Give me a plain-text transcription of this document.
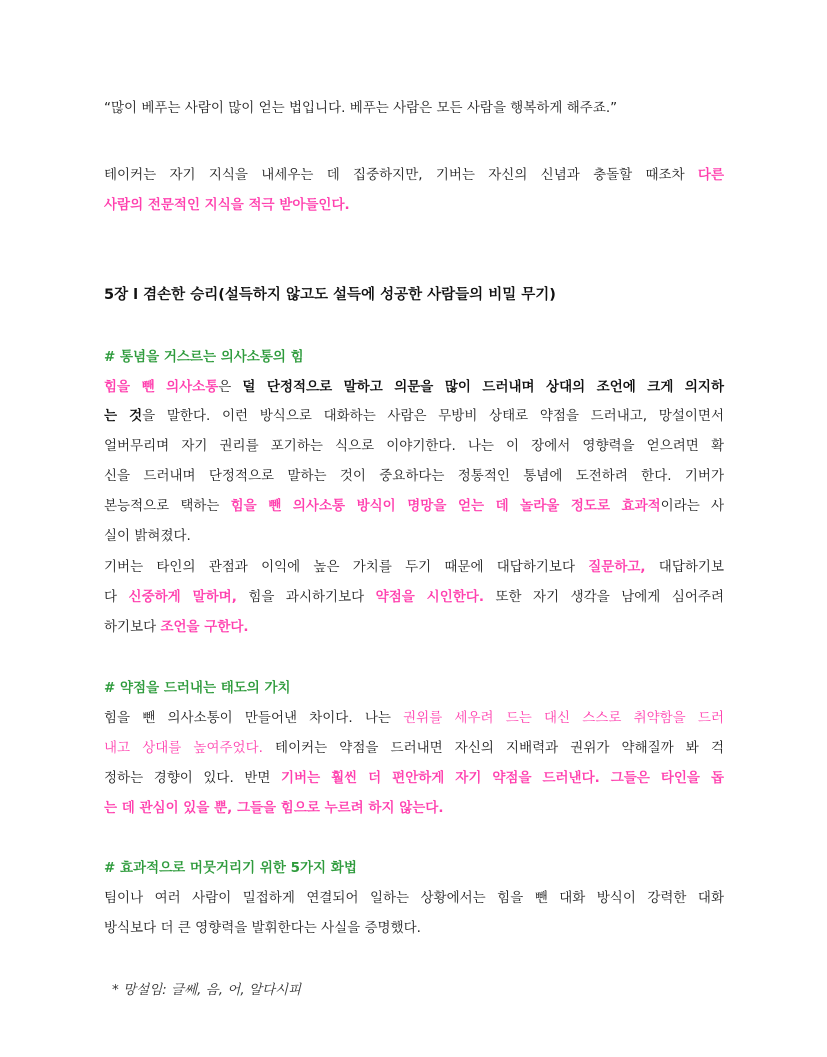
“많이 베푸는 사람이 많이 얻는 법입니다. 베푸는 사람은 모든 사람을 행복하게 해주죠.”
테이커는 자기 지식을 내세우는 데 집중하지만, 기버는 자신의 신념과 충돌할 때조차 다른
사람의 전문적인 지식을 적극 받아들인다.
5장 l 겸손한 승리(설득하지 않고도 설득에 성공한 사람들의 비밀 무기)
# 통념을 거스르는 의사소통의 힘
힘을 뺀 의사소통은 덜 단정적으로 말하고 의문을 많이 드러내며 상대의 조언에 크게 의지하
는 것을 말한다. 이런 방식으로 대화하는 사람은 무방비 상태로 약점을 드러내고, 망설이면서
얼버무리며 자기 권리를 포기하는 식으로 이야기한다. 나는 이 장에서 영향력을 얻으려면 확
신을 드러내며 단정적으로 말하는 것이 중요하다는 정통적인 통념에 도전하려 한다. 기버가
본능적으로 택하는 힘을 뺀 의사소통 방식이 명망을 얻는 데 놀라울 정도로 효과적이라는 사
실이 밝혀졌다.
기버는 타인의 관점과 이익에 높은 가치를 두기 때문에 대답하기보다 질문하고, 대답하기보
다 신중하게 말하며, 힘을 과시하기보다 약점을 시인한다. 또한 자기 생각을 남에게 심어주려
하기보다 조언을 구한다.
# 약점을 드러내는 태도의 가치
힘을 뺀 의사소통이 만들어낸 차이다. 나는 권위를 세우려 드는 대신 스스로 취약함을 드러
내고 상대를 높여주었다. 테이커는 약점을 드러내면 자신의 지배력과 권위가 약해질까 봐 걱
정하는 경향이 있다. 반면 기버는 훨씬 더 편안하게 자기 약점을 드러낸다. 그들은 타인을 돕
는 데 관심이 있을 뿐, 그들을 힘으로 누르려 하지 않는다.
# 효과적으로 머뭇거리기 위한 5가지 화법
팀이나 여러 사람이 밀접하게 연결되어 일하는 상황에서는 힘을 뺀 대화 방식이 강력한 대화
방식보다 더 큰 영향력을 발휘한다는 사실을 증명했다.
* 망설임: 글쎄, 음, 어, 알다시피
